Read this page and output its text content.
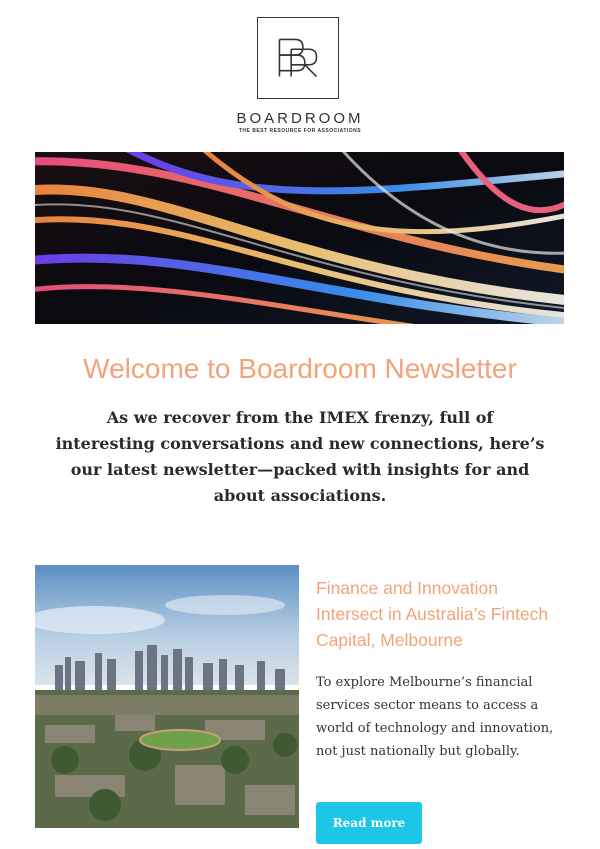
BOARDROOM
THE BEST RESOURCE FOR ASSOCIATIONS
Welcome to Boardroom Newsletter
As we recover from the IMEX frenzy, full of interesting conversations and new connections, here’s our latest newsletter—packed with insights for and about associations.
Finance and Innovation Intersect in Australia’s Fintech Capital, Melbourne
To explore Melbourne’s financial services sector means to access a world of technology and innovation, not just nationally but globally.
Read more
